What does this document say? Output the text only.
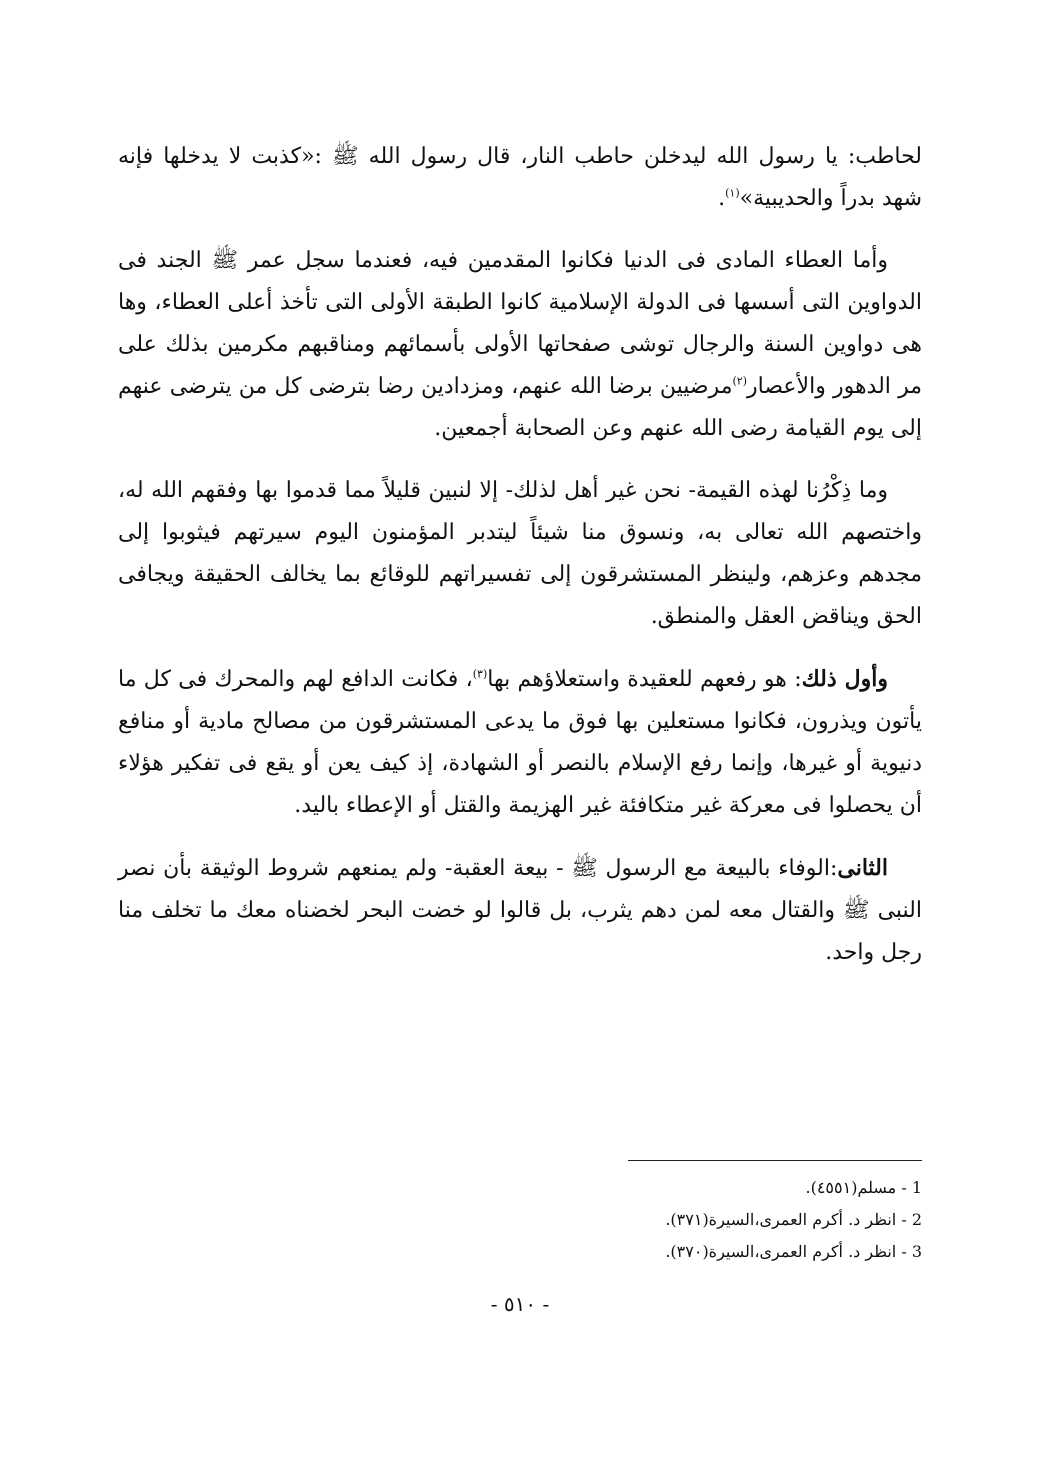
لحاطب: يا رسول الله ليدخلن حاطب النار، قال رسول الله ﷺ :«كذبت لا يدخلها فإنه شهد بدراً والحديبية»$^{(١)}$.

وأما العطاء المادى فى الدنيا فكانوا المقدمين فيه، فعندما سجل عمر ﷺ الجند فى الدواوين التى أسسها فى الدولة الإسلامية كانوا الطبقة الأولى التى تأخذ أعلى العطاء، وها هى دواوين السنة والرجال توشى صفحاتها الأولى بأسمائهم ومناقبهم مكرمين بذلك على مر الدهور والأعصار$^{(٢)}$مرضيين برضا الله عنهم، ومزدادين رضا بترضى كل من يترضى عنهم إلى يوم القيامة رضى الله عنهم وعن الصحابة أجمعين.

وما ذِكْرُنا لهذه القيمة- نحن غير أهل لذلك- إلا لنبين قليلاً مما قدموا بها وفقهم الله له، واختصهم الله تعالى به، ونسوق منا شيئاً ليتدبر المؤمنون اليوم سيرتهم فيثوبوا إلى مجدهم وعزهم، ولينظر المستشرقون إلى تفسيراتهم للوقائع بما يخالف الحقيقة ويجافى الحق ويناقض العقل والمنطق.

وأول ذلك: هو رفعهم للعقيدة واستعلاؤهم بها$^{(٣)}$، فكانت الدافع لهم والمحرك فى كل ما يأتون ويذرون، فكانوا مستعلين بها فوق ما يدعى المستشرقون من مصالح مادية أو منافع دنيوية أو غيرها، وإنما رفع الإسلام بالنصر أو الشهادة، إذ كيف يعن أو يقع فى تفكير هؤلاء أن يحصلوا فى معركة غير متكافئة غير الهزيمة والقتل أو الإعطاء باليد.

الثانى:الوفاء بالبيعة مع الرسول ﷺ - بيعة العقبة- ولم يمنعهم شروط الوثيقة بأن نصر النبى ﷺ والقتال معه لمن دهم يثرب، بل قالوا لو خضت البحر لخضناه معك ما تخلف منا رجل واحد.

1 - مسلم(٤٥٥١).

2 - انظر د. أكرم العمرى،السيرة(٣٧١).

3 - انظر د. أكرم العمرى،السيرة(٣٧٠).

- ٥١٠ -
